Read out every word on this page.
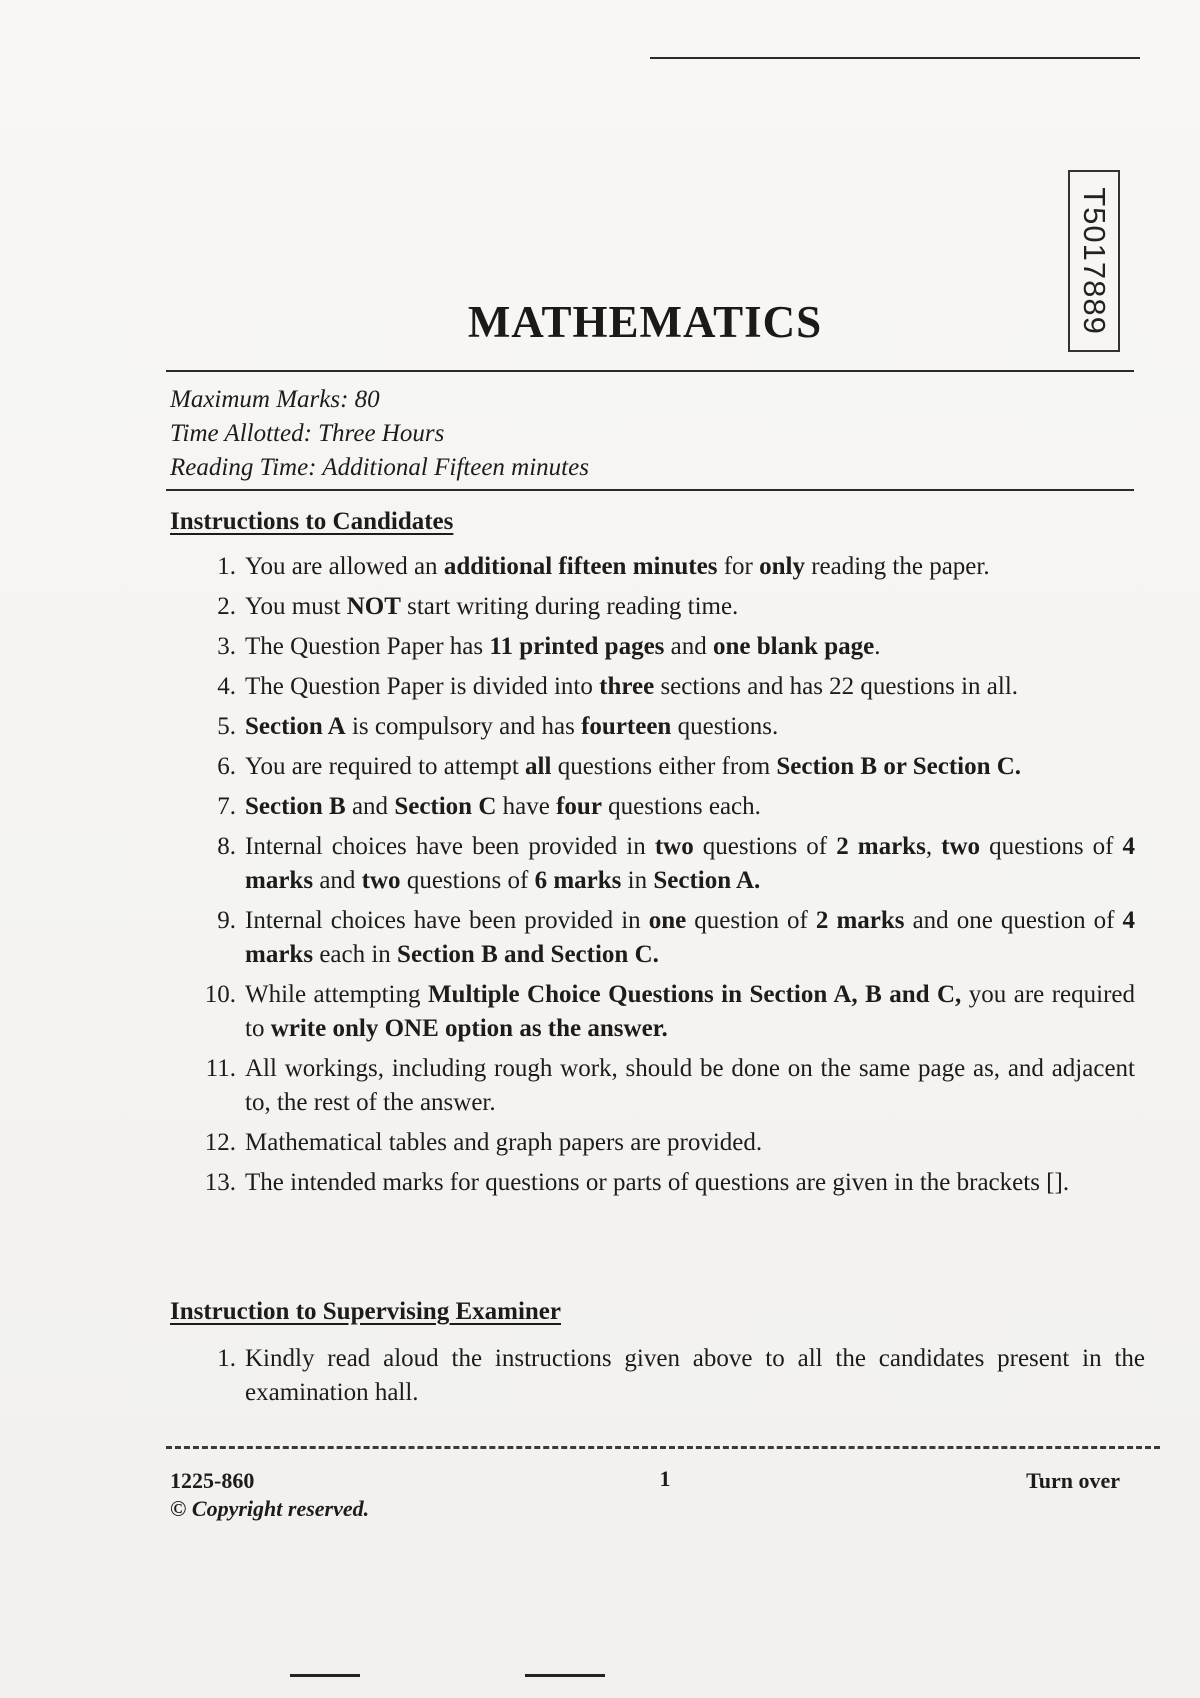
T5017889
MATHEMATICS
Maximum Marks: 80
Time Allotted: Three Hours
Reading Time: Additional Fifteen minutes
Instructions to Candidates
1 . You are allowed an additional fifteen minutes for only reading the paper.
2 . You must NOT start writing during reading time.
3 . The Question Paper has 11 printed pages and one blank page.
4 . The Question Paper is divided into three sections and has 22 questions in all.
5 . Section A is compulsory and has fourteen questions.
6 . You are required to attempt all questions either from Section B or Section C.
7 . Section B and Section C have four questions each.
8 . Internal choices have been provided in two questions of 2 marks, two questions of 4 marks and two questions of 6 marks in Section A.
9 . Internal choices have been provided in one question of 2 marks and one question of 4 marks each in Section B and Section C.
10 . While attempting Multiple Choice Questions in Section A, B and C, you are required to write only ONE option as the answer.
11 . All workings, including rough work, should be done on the same page as, and adjacent to, the rest of the answer.
12 . Mathematical tables and graph papers are provided.
13 . The intended marks for questions or parts of questions are given in the brackets [].
Instruction to Supervising Examiner
1 . Kindly read aloud the instructions given above to all the candidates present in the examination hall.

1225-860

© Copyright reserved.

1	Turn over
